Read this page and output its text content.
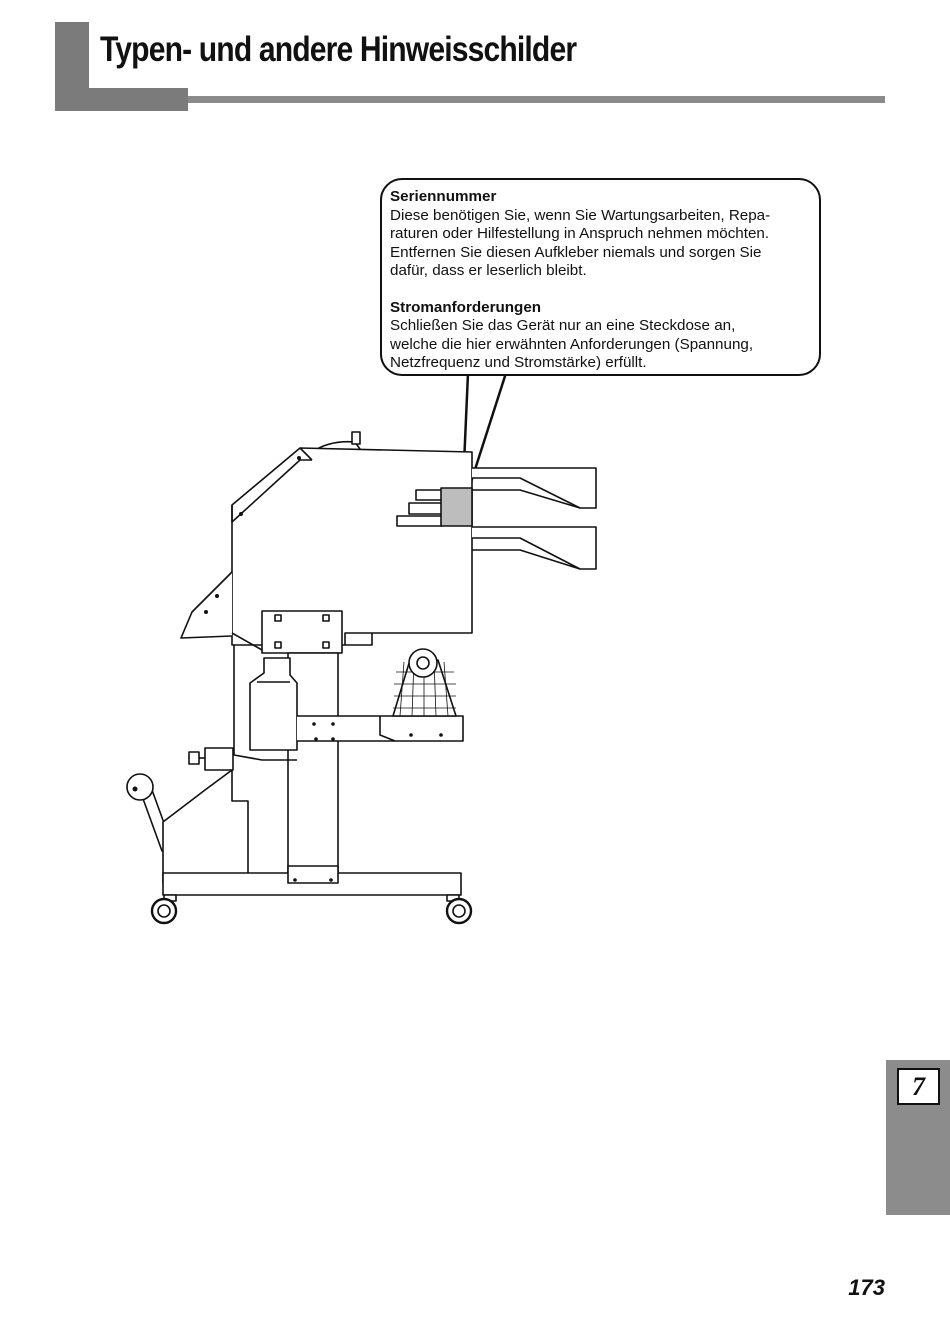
Typen- und andere Hinweisschilder
Seriennummer
Diese benötigen Sie, wenn Sie Wartungsarbeiten, Repa-
raturen oder Hilfestellung in Anspruch nehmen möchten.
Entfernen Sie diesen Aufkleber niemals und sorgen Sie
dafür, dass er leserlich bleibt.
Stromanforderungen
Schließen Sie das Gerät nur an eine Steckdose an,
welche die hier erwähnten Anforderungen (Spannung,
Netzfrequenz und Stromstärke) erfüllt.
7
173
